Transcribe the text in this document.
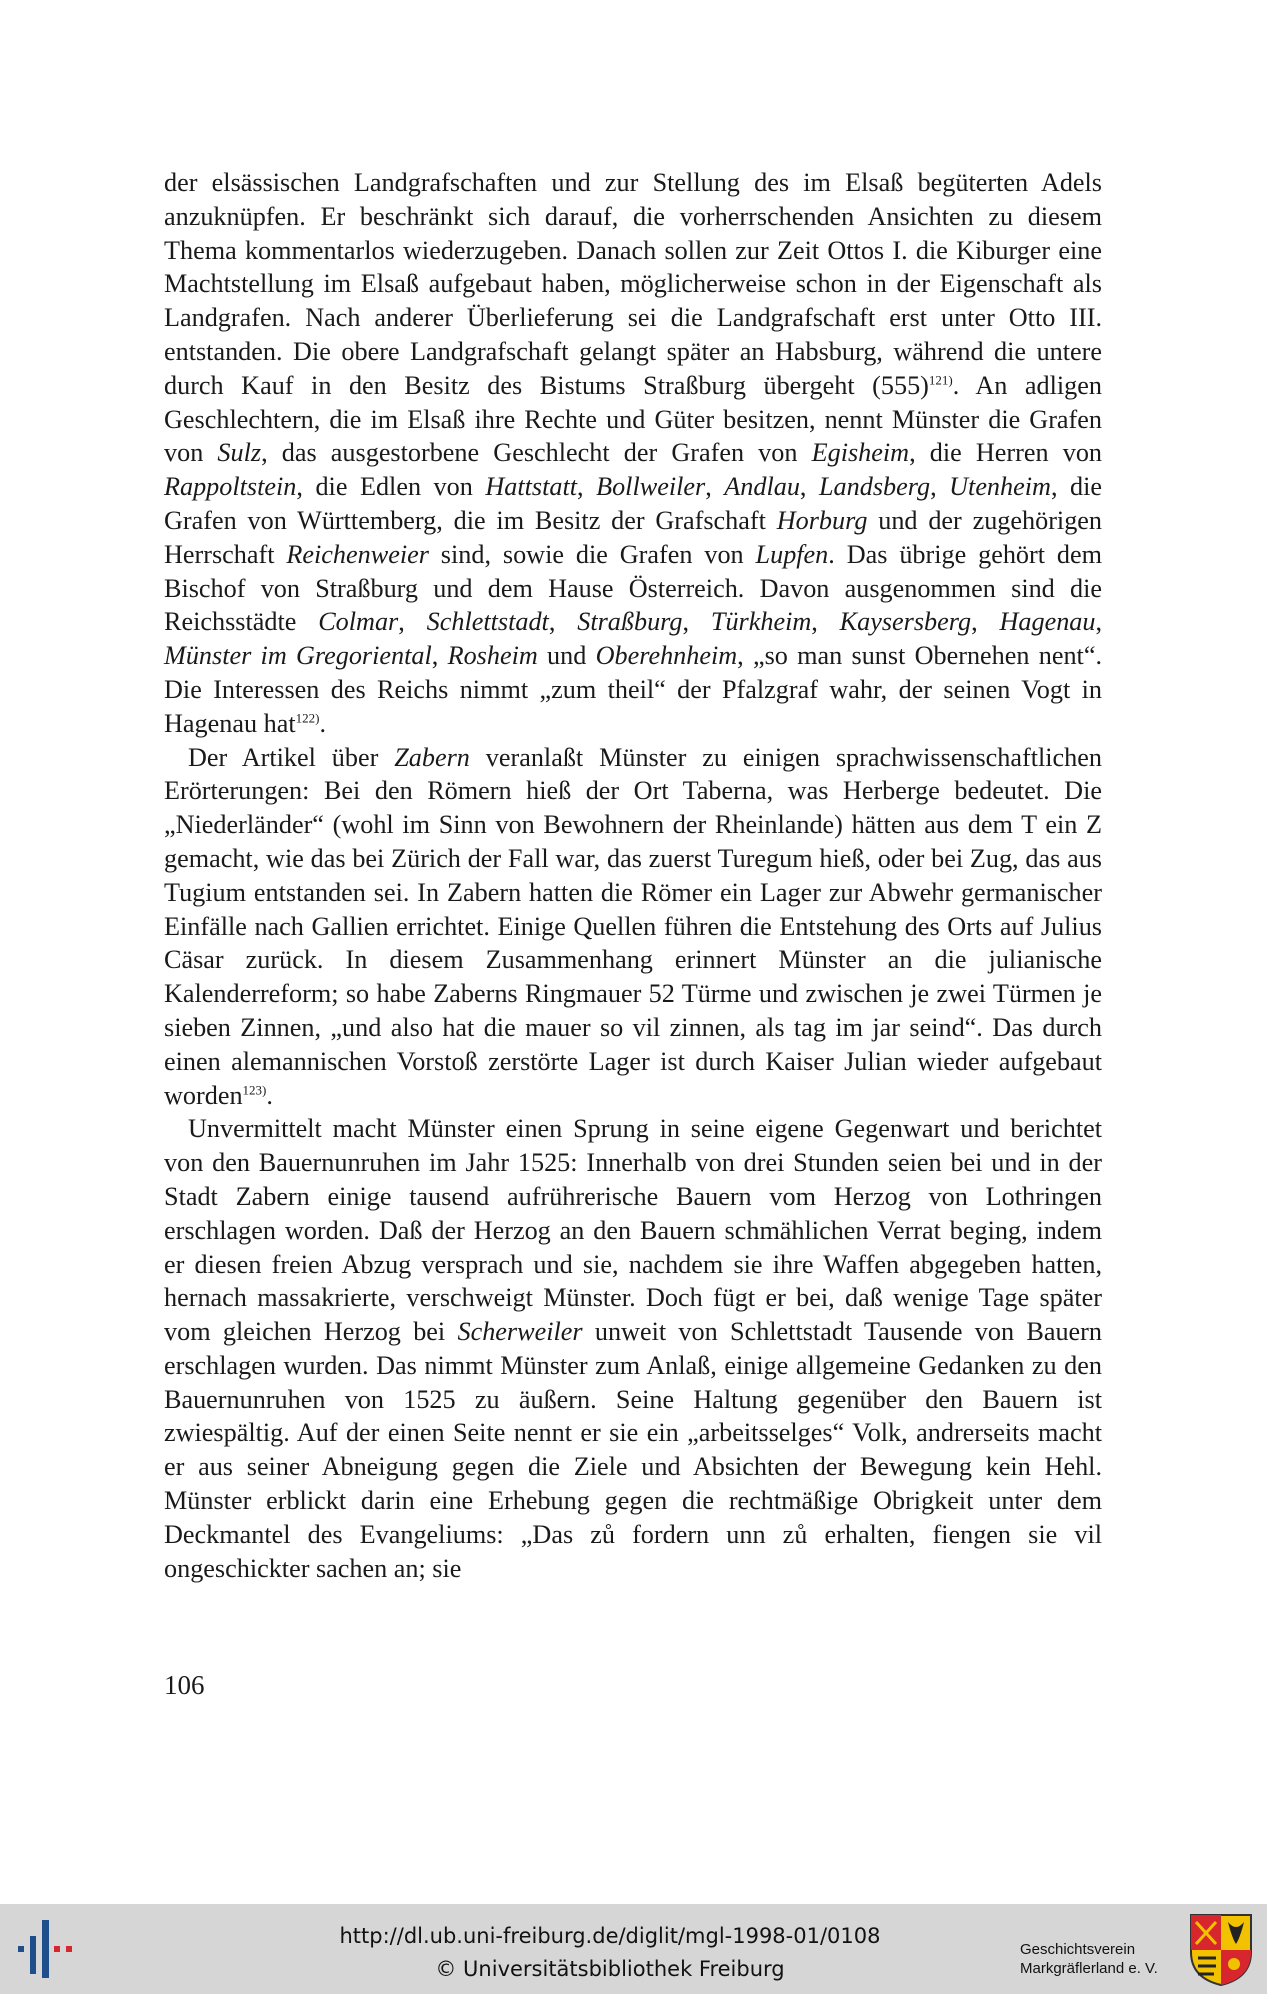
der elsässischen Landgrafschaften und zur Stellung des im Elsaß begüterten Adels anzuknüpfen. Er beschränkt sich darauf, die vorherrschenden Ansichten zu diesem Thema kommentarlos wiederzugeben. Danach sollen zur Zeit Ottos I. die Kiburger eine Machtstellung im Elsaß aufgebaut haben, möglicherweise schon in der Eigenschaft als Landgrafen. Nach anderer Überlieferung sei die Landgrafschaft erst unter Otto III. entstanden. Die obere Landgrafschaft gelangt später an Habsburg, während die untere durch Kauf in den Besitz des Bistums Straßburg übergeht (555)$^{121)}$. An adligen Geschlechtern, die im Elsaß ihre Rechte und Güter besitzen, nennt Münster die Grafen von Sulz, das ausgestorbene Geschlecht der Grafen von Egisheim, die Herren von Rappoltstein, die Edlen von Hattstatt, Bollweiler, Andlau, Landsberg, Utenheim, die Grafen von Württemberg, die im Besitz der Grafschaft Horburg und der zugehörigen Herrschaft Reichenweier sind, sowie die Grafen von Lupfen. Das übrige gehört dem Bischof von Straßburg und dem Hause Österreich. Davon ausgenommen sind die Reichsstädte Colmar, Schlettstadt, Straßburg, Türkheim, Kaysersberg, Hagenau, Münster im Gregoriental, Rosheim und Oberehnheim, „so man sunst Obernehen nent“. Die Interessen des Reichs nimmt „zum theil“ der Pfalzgraf wahr, der seinen Vogt in Hagenau hat$^{122)}$.

Der Artikel über Zabern veranlaßt Münster zu einigen sprachwissenschaftlichen Erörterungen: Bei den Römern hieß der Ort Taberna, was Herberge bedeutet. Die „Niederländer“ (wohl im Sinn von Bewohnern der Rheinlande) hätten aus dem T ein Z gemacht, wie das bei Zürich der Fall war, das zuerst Turegum hieß, oder bei Zug, das aus Tugium entstanden sei. In Zabern hatten die Römer ein Lager zur Abwehr germanischer Einfälle nach Gallien errichtet. Einige Quellen führen die Entstehung des Orts auf Julius Cäsar zurück. In diesem Zusammenhang erinnert Münster an die julianische Kalenderreform; so habe Zaberns Ringmauer 52 Türme und zwischen je zwei Türmen je sieben Zinnen, „und also hat die mauer so vil zinnen, als tag im jar seind“. Das durch einen alemannischen Vorstoß zerstörte Lager ist durch Kaiser Julian wieder aufgebaut worden$^{123)}$.

Unvermittelt macht Münster einen Sprung in seine eigene Gegenwart und berichtet von den Bauernunruhen im Jahr 1525: Innerhalb von drei Stunden seien bei und in der Stadt Zabern einige tausend aufrührerische Bauern vom Herzog von Lothringen erschlagen worden. Daß der Herzog an den Bauern schmählichen Verrat beging, indem er diesen freien Abzug versprach und sie, nachdem sie ihre Waffen abgegeben hatten, hernach massakrierte, verschweigt Münster. Doch fügt er bei, daß wenige Tage später vom gleichen Herzog bei Scherweiler unweit von Schlettstadt Tausende von Bauern erschlagen wurden. Das nimmt Münster zum Anlaß, einige allgemeine Gedanken zu den Bauernunruhen von 1525 zu äußern. Seine Haltung gegenüber den Bauern ist zwiespältig. Auf der einen Seite nennt er sie ein „arbeitsselges“ Volk, andrerseits macht er aus seiner Abneigung gegen die Ziele und Absichten der Bewegung kein Hehl. Münster erblickt darin eine Erhebung gegen die rechtmäßige Obrigkeit unter dem Deckmantel des Evangeliums: „Das zů fordern unn zů erhalten, fiengen sie vil ongeschickter sachen an; sie

106
http://dl.ub.uni-freiburg.de/diglit/mgl-1998-01/0108
© Universitätsbibliothek Freiburg
Geschichtsverein
Markgräflerland e. V.
